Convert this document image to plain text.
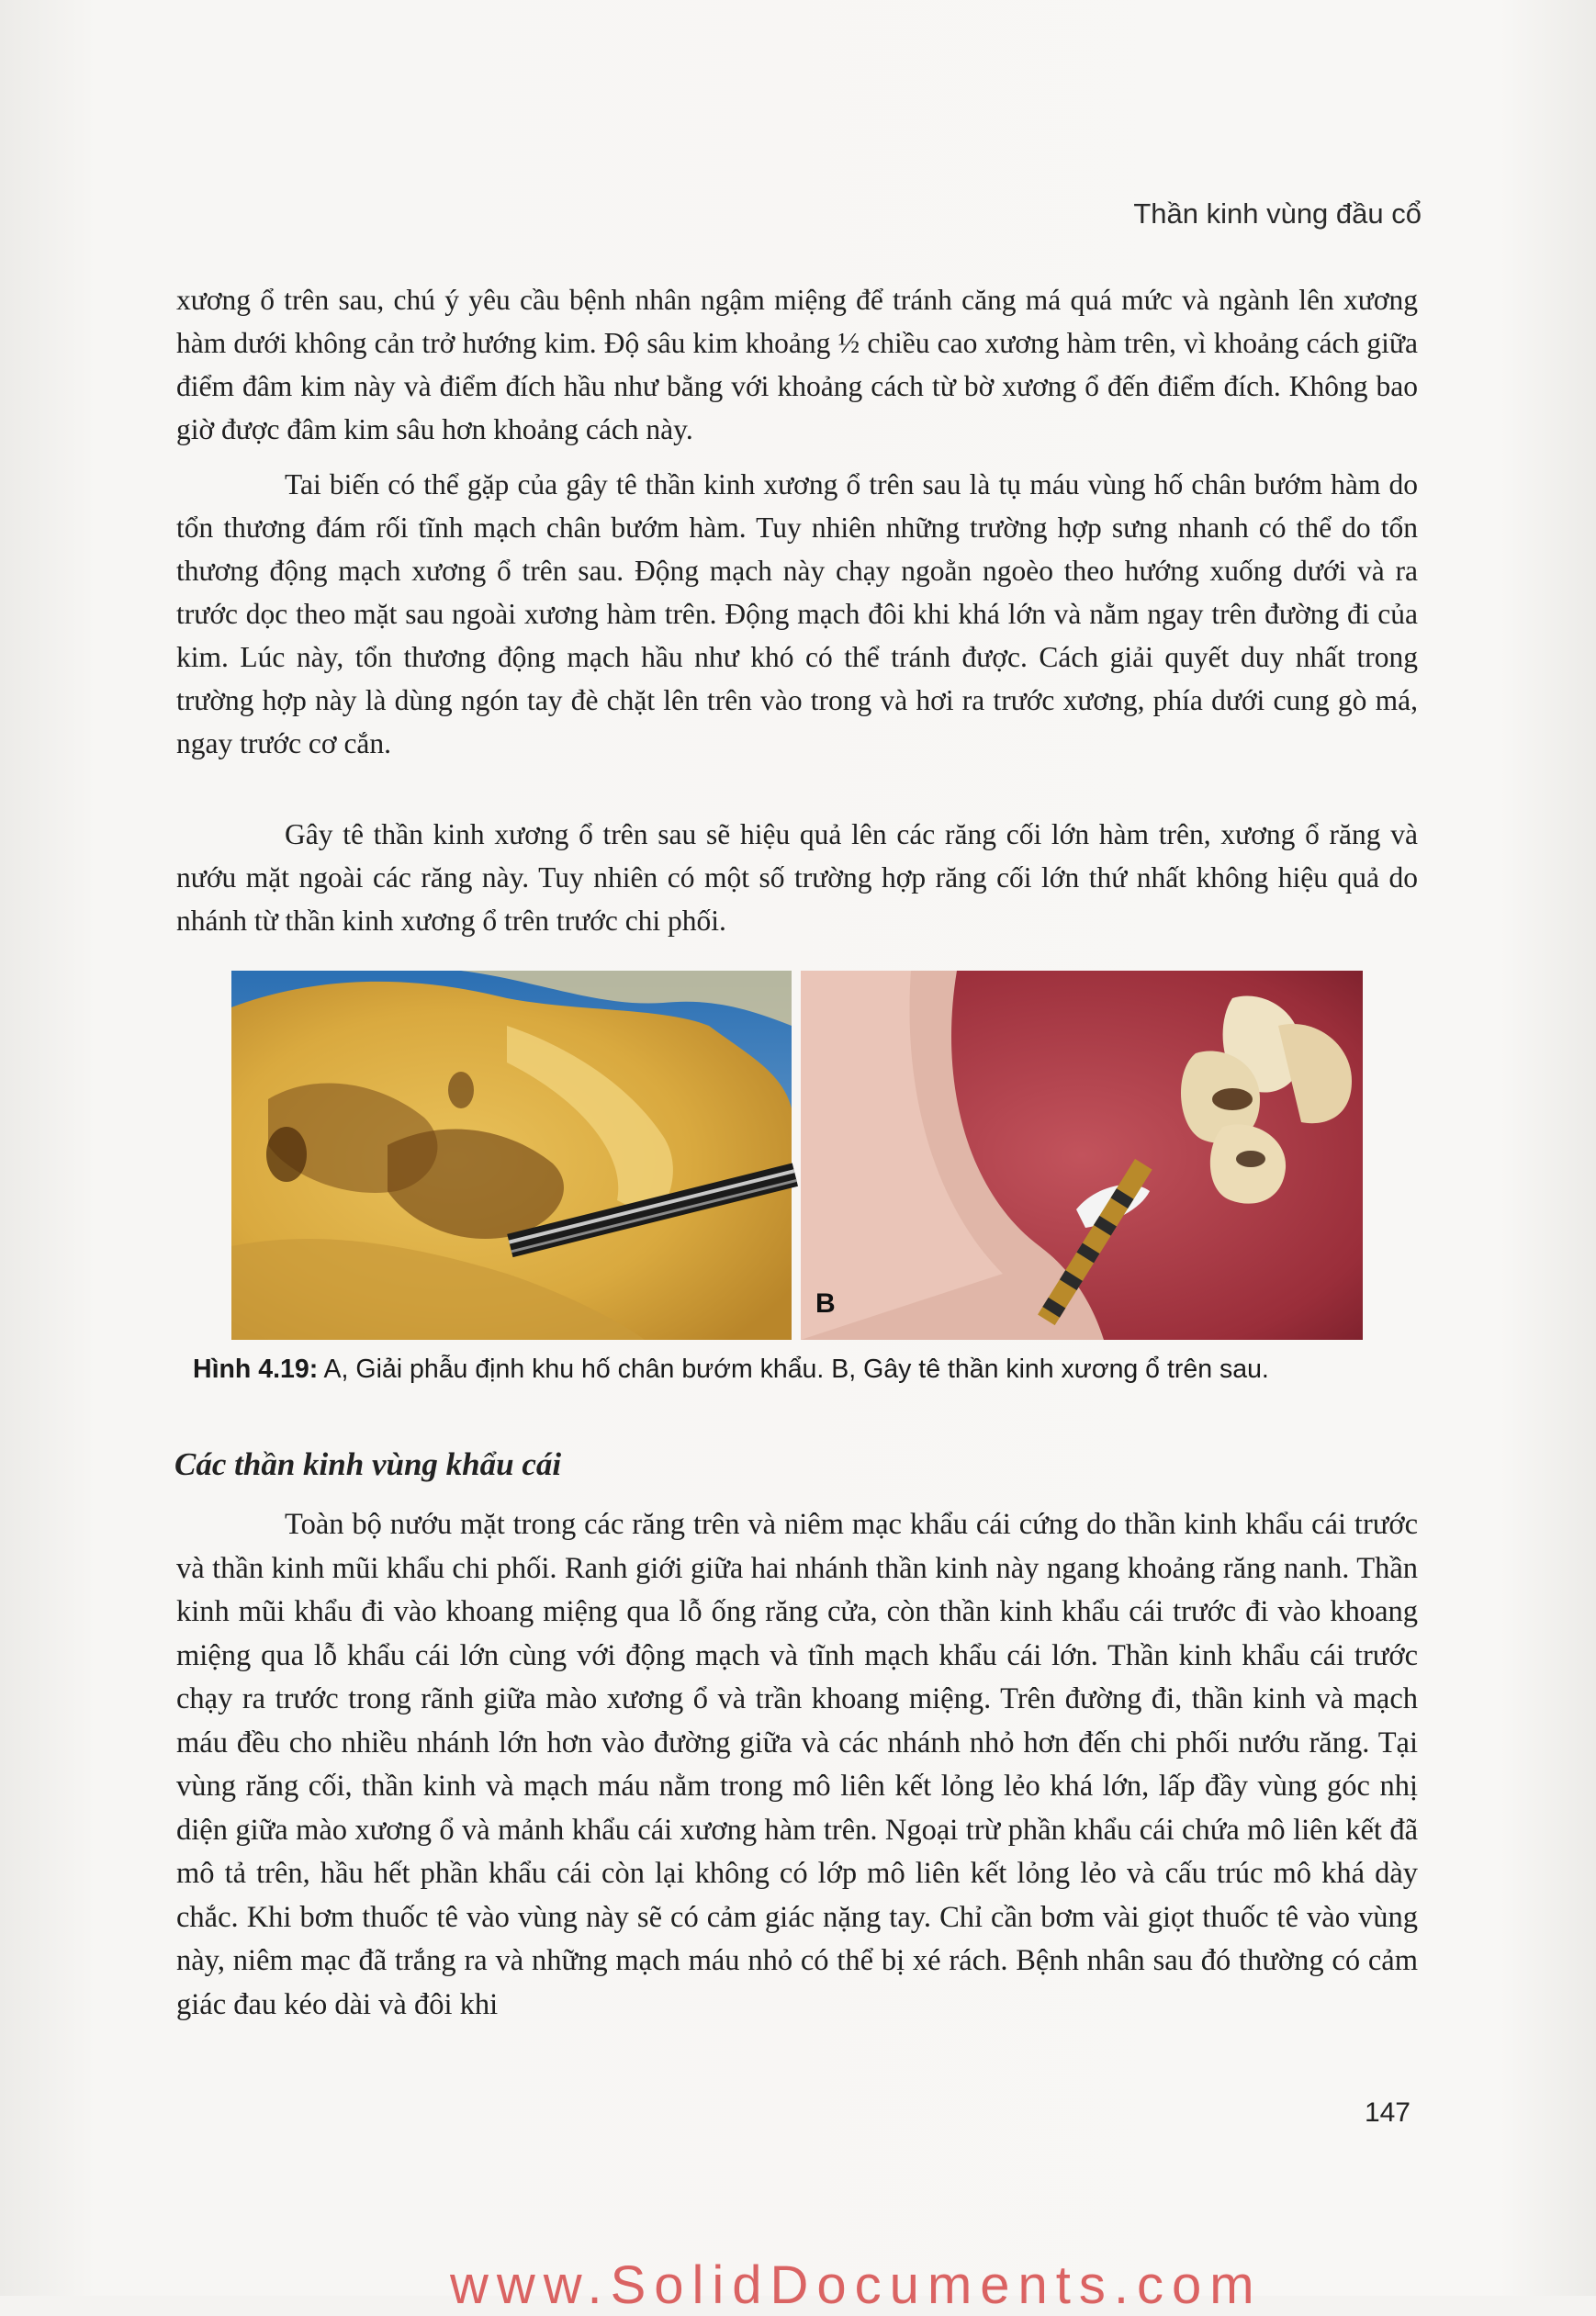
Thần kinh vùng đầu cổ

xương ổ trên sau, chú ý yêu cầu bệnh nhân ngậm miệng để tránh căng má quá mức và ngành lên xương hàm dưới không cản trở hướng kim. Độ sâu kim khoảng ½ chiều cao xương hàm trên, vì khoảng cách giữa điểm đâm kim này và điểm đích hầu như bằng với khoảng cách từ bờ xương ổ đến điểm đích. Không bao giờ được đâm kim sâu hơn khoảng cách này.

Tai biến có thể gặp của gây tê thần kinh xương ổ trên sau là tụ máu vùng hố chân bướm hàm do tổn thương đám rối tĩnh mạch chân bướm hàm. Tuy nhiên những trường hợp sưng nhanh có thể do tổn thương động mạch xương ổ trên sau. Động mạch này chạy ngoằn ngoèo theo hướng xuống dưới và ra trước dọc theo mặt sau ngoài xương hàm trên. Động mạch đôi khi khá lớn và nằm ngay trên đường đi của kim. Lúc này, tổn thương động mạch hầu như khó có thể tránh được. Cách giải quyết duy nhất trong trường hợp này là dùng ngón tay đè chặt lên trên vào trong và hơi ra trước xương, phía dưới cung gò má, ngay trước cơ cắn.

Gây tê thần kinh xương ổ trên sau sẽ hiệu quả lên các răng cối lớn hàm trên, xương ổ răng và nướu mặt ngoài các răng này. Tuy nhiên có một số trường hợp răng cối lớn thứ nhất không hiệu quả do nhánh từ thần kinh xương ổ trên trước chi phối.

B
Hình 4.19: A, Giải phẫu định khu hố chân bướm khẩu. B, Gây tê thần kinh xương ổ trên sau.
Các thần kinh vùng khẩu cái

Toàn bộ nướu mặt trong các răng trên và niêm mạc khẩu cái cứng do thần kinh khẩu cái trước và thần kinh mũi khẩu chi phối. Ranh giới giữa hai nhánh thần kinh này ngang khoảng răng nanh. Thần kinh mũi khẩu đi vào khoang miệng qua lỗ ống răng cửa, còn thần kinh khẩu cái trước đi vào khoang miệng qua lỗ khẩu cái lớn cùng với động mạch và tĩnh mạch khẩu cái lớn. Thần kinh khẩu cái trước chạy ra trước trong rãnh giữa mào xương ổ và trần khoang miệng. Trên đường đi, thần kinh và mạch máu đều cho nhiều nhánh lớn hơn vào đường giữa và các nhánh nhỏ hơn đến chi phối nướu răng. Tại vùng răng cối, thần kinh và mạch máu nằm trong mô liên kết lỏng lẻo khá lớn, lấp đầy vùng góc nhị diện giữa mào xương ổ và mảnh khẩu cái xương hàm trên. Ngoại trừ phần khẩu cái chứa mô liên kết đã mô tả trên, hầu hết phần khẩu cái còn lại không có lớp mô liên kết lỏng lẻo và cấu trúc mô khá dày chắc. Khi bơm thuốc tê vào vùng này sẽ có cảm giác nặng tay. Chỉ cần bơm vài giọt thuốc tê vào vùng này, niêm mạc đã trắng ra và những mạch máu nhỏ có thể bị xé rách. Bệnh nhân sau đó thường có cảm giác đau kéo dài và đôi khi

147
www.SolidDocuments.com
